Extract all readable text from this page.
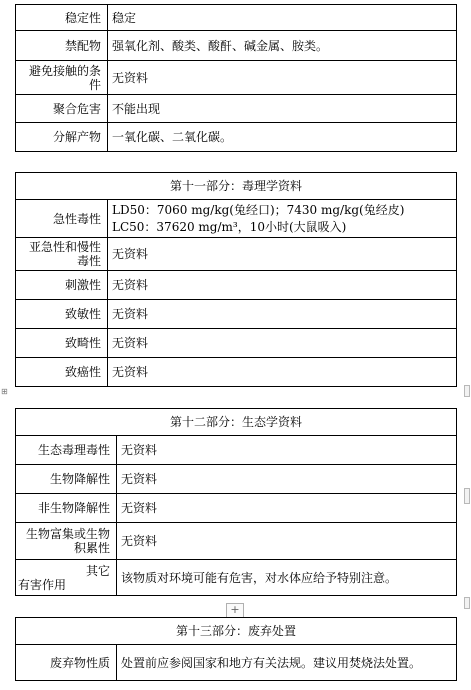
稳定性	稳定
禁配物	强氧化剂、酸类、酸酐、碱金属、胺类。
避免接触的条件	无资料
聚合危害	不能出现
分解产物	一氧化碳、二氧化碳。
第十一部分：毒理学资料	
急性毒性	LD50：7060 mg/kg(兔经口)；7430 mg/kg(兔经皮)
LC50：37620 mg/m³，10小时(大鼠吸入)

亚急性和慢性毒性	无资料
刺激性	无资料
致敏性	无资料
致畸性	无资料
致癌性	无资料
⊞
第十二部分：生态学资料	
生态毒理毒性	无资料
生物降解性	无资料
非生物降解性	无资料
生物富集或生物积累性	无资料

其它
有害作用	该物质对环境可能有危害，对水体应给予特别注意。
+
第十三部分：废弃处置
废弃物性质	处置前应参阅国家和地方有关法规。建议用焚烧法处置。
